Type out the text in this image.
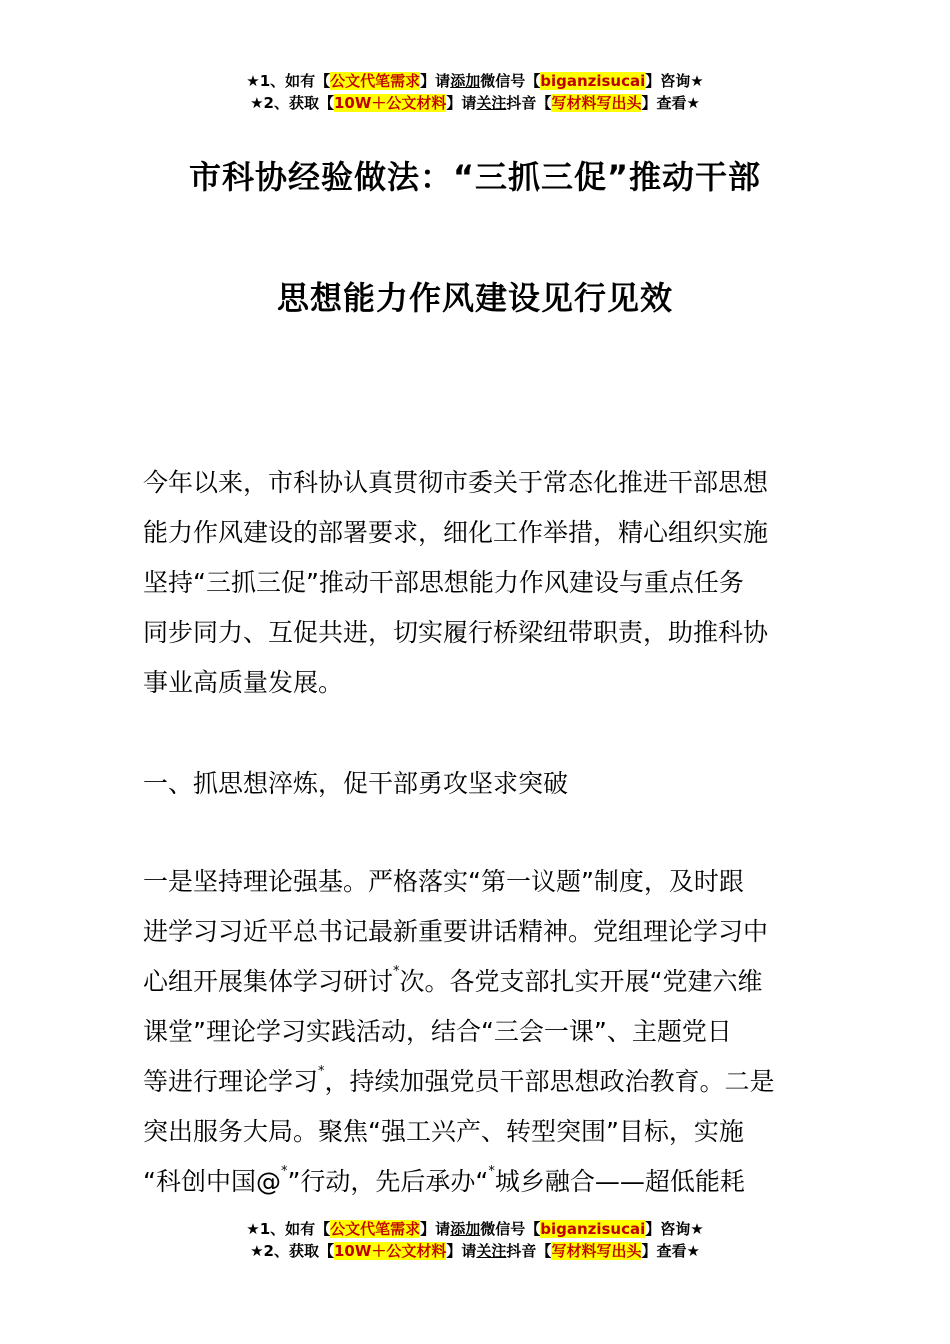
★1、如有【公文代笔需求】请添加微信号【biganzisucai】咨询★
★2、获取【10W＋公文材料】请关注抖音【写材料写出头】查看★
市科协经验做法：“三抓三促”推动干部
思想能力作风建设见行见效

今年以来，市科协认真贯彻市委关于常态化推进干部思想

能力作风建设的部署要求，细化工作举措，精心组织实施

坚持“三抓三促”推动干部思想能力作风建设与重点任务

同步同力、互促共进，切实履行桥梁纽带职责，助推科协

事业高质量发展。

一、抓思想淬炼，促干部勇攻坚求突破

一是坚持理论强基。严格落实“第一议题”制度，及时跟

进学习习近平总书记最新重要讲话精神。党组理论学习中

心组开展集体学习研讨*次。各党支部扎实开展“党建六维

课堂”理论学习实践活动，结合“三会一课”、主题党日

等进行理论学习*，持续加强党员干部思想政治教育。二是

突出服务大局。聚焦“强工兴产、转型突围”目标，实施

“科创中国@*”行动，先后承办“*城乡融合——超低能耗

★1、如有【公文代笔需求】请添加微信号【biganzisucai】咨询★
★2、获取【10W＋公文材料】请关注抖音【写材料写出头】查看★
